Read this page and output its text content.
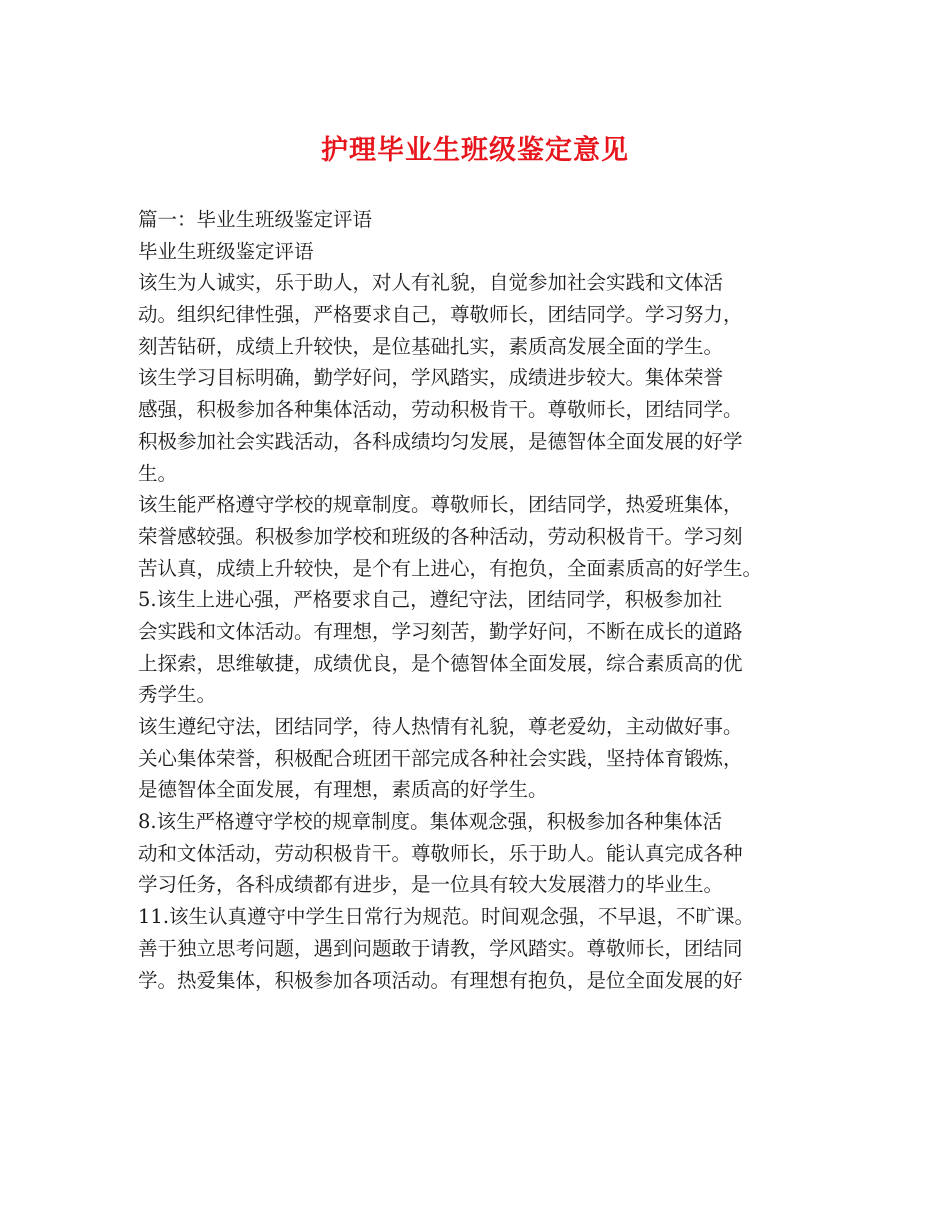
护理毕业生班级鉴定意见
篇一：毕业生班级鉴定评语
毕业生班级鉴定评语
该生为人诚实，乐于助人，对人有礼貌，自觉参加社会实践和文体活
动。组织纪律性强，严格要求自己，尊敬师长，团结同学。学习努力，
刻苦钻研，成绩上升较快，是位基础扎实，素质高发展全面的学生。
该生学习目标明确，勤学好问，学风踏实，成绩进步较大。集体荣誉
感强，积极参加各种集体活动，劳动积极肯干。尊敬师长，团结同学。
积极参加社会实践活动，各科成绩均匀发展，是德智体全面发展的好学
生。
该生能严格遵守学校的规章制度。尊敬师长，团结同学，热爱班集体，
荣誉感较强。积极参加学校和班级的各种活动，劳动积极肯干。学习刻
苦认真，成绩上升较快，是个有上进心，有抱负，全面素质高的好学生。
5.该生上进心强，严格要求自己，遵纪守法，团结同学，积极参加社
会实践和文体活动。有理想，学习刻苦，勤学好问，不断在成长的道路
上探索，思维敏捷，成绩优良，是个德智体全面发展，综合素质高的优
秀学生。
该生遵纪守法，团结同学，待人热情有礼貌，尊老爱幼，主动做好事。
关心集体荣誉，积极配合班团干部完成各种社会实践，坚持体育锻炼，
是德智体全面发展，有理想，素质高的好学生。
8.该生严格遵守学校的规章制度。集体观念强，积极参加各种集体活
动和文体活动，劳动积极肯干。尊敬师长，乐于助人。能认真完成各种
学习任务，各科成绩都有进步，是一位具有较大发展潜力的毕业生。
11.该生认真遵守中学生日常行为规范。时间观念强，不早退，不旷课。
善于独立思考问题，遇到问题敢于请教，学风踏实。尊敬师长，团结同
学。热爱集体，积极参加各项活动。有理想有抱负，是位全面发展的好
